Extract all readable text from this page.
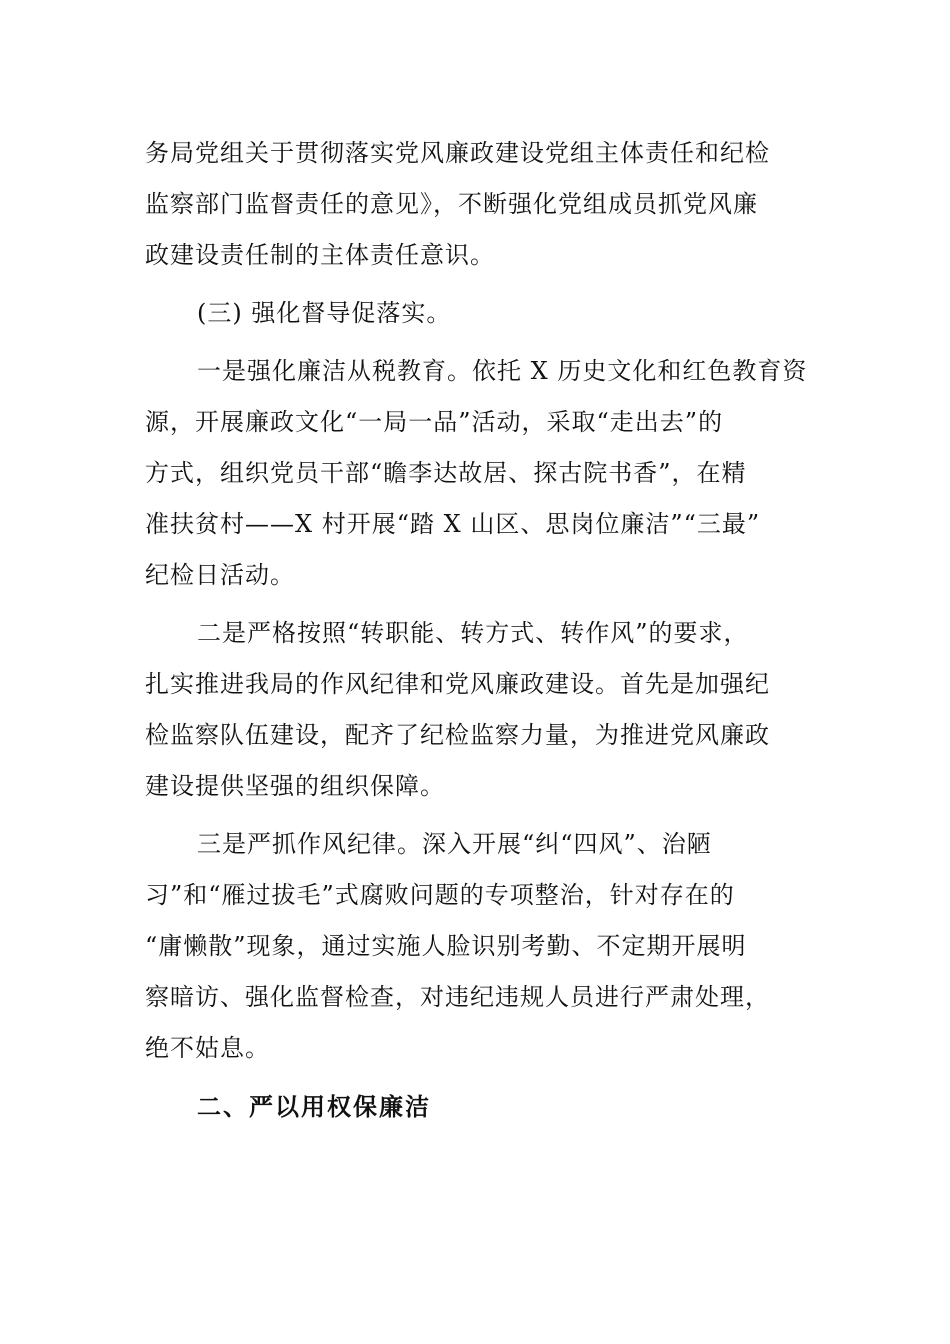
务局党组关于贯彻落实党风廉政建设党组主体责任和纪检
监察部门监督责任的意见》，不断强化党组成员抓党风廉
政建设责任制的主体责任意识。
(三) 强化督导促落实。
一是强化廉洁从税教育。依托 X 历史文化和红色教育资
源，开展廉政文化“一局一品”活动，采取“走出去”的
方式，组织党员干部“瞻李达故居、探古院书香”，在精
准扶贫村——X 村开展“踏 X 山区、思岗位廉洁”“三最”
纪检日活动。
二是严格按照“转职能、转方式、转作风”的要求，
扎实推进我局的作风纪律和党风廉政建设。首先是加强纪
检监察队伍建设，配齐了纪检监察力量，为推进党风廉政
建设提供坚强的组织保障。
三是严抓作风纪律。深入开展“纠“四风”、治陋
习”和“雁过拔毛”式腐败问题的专项整治，针对存在的
“庸懒散”现象，通过实施人脸识别考勤、不定期开展明
察暗访、强化监督检查，对违纪违规人员进行严肃处理，
绝不姑息。
二、严以用权保廉洁
